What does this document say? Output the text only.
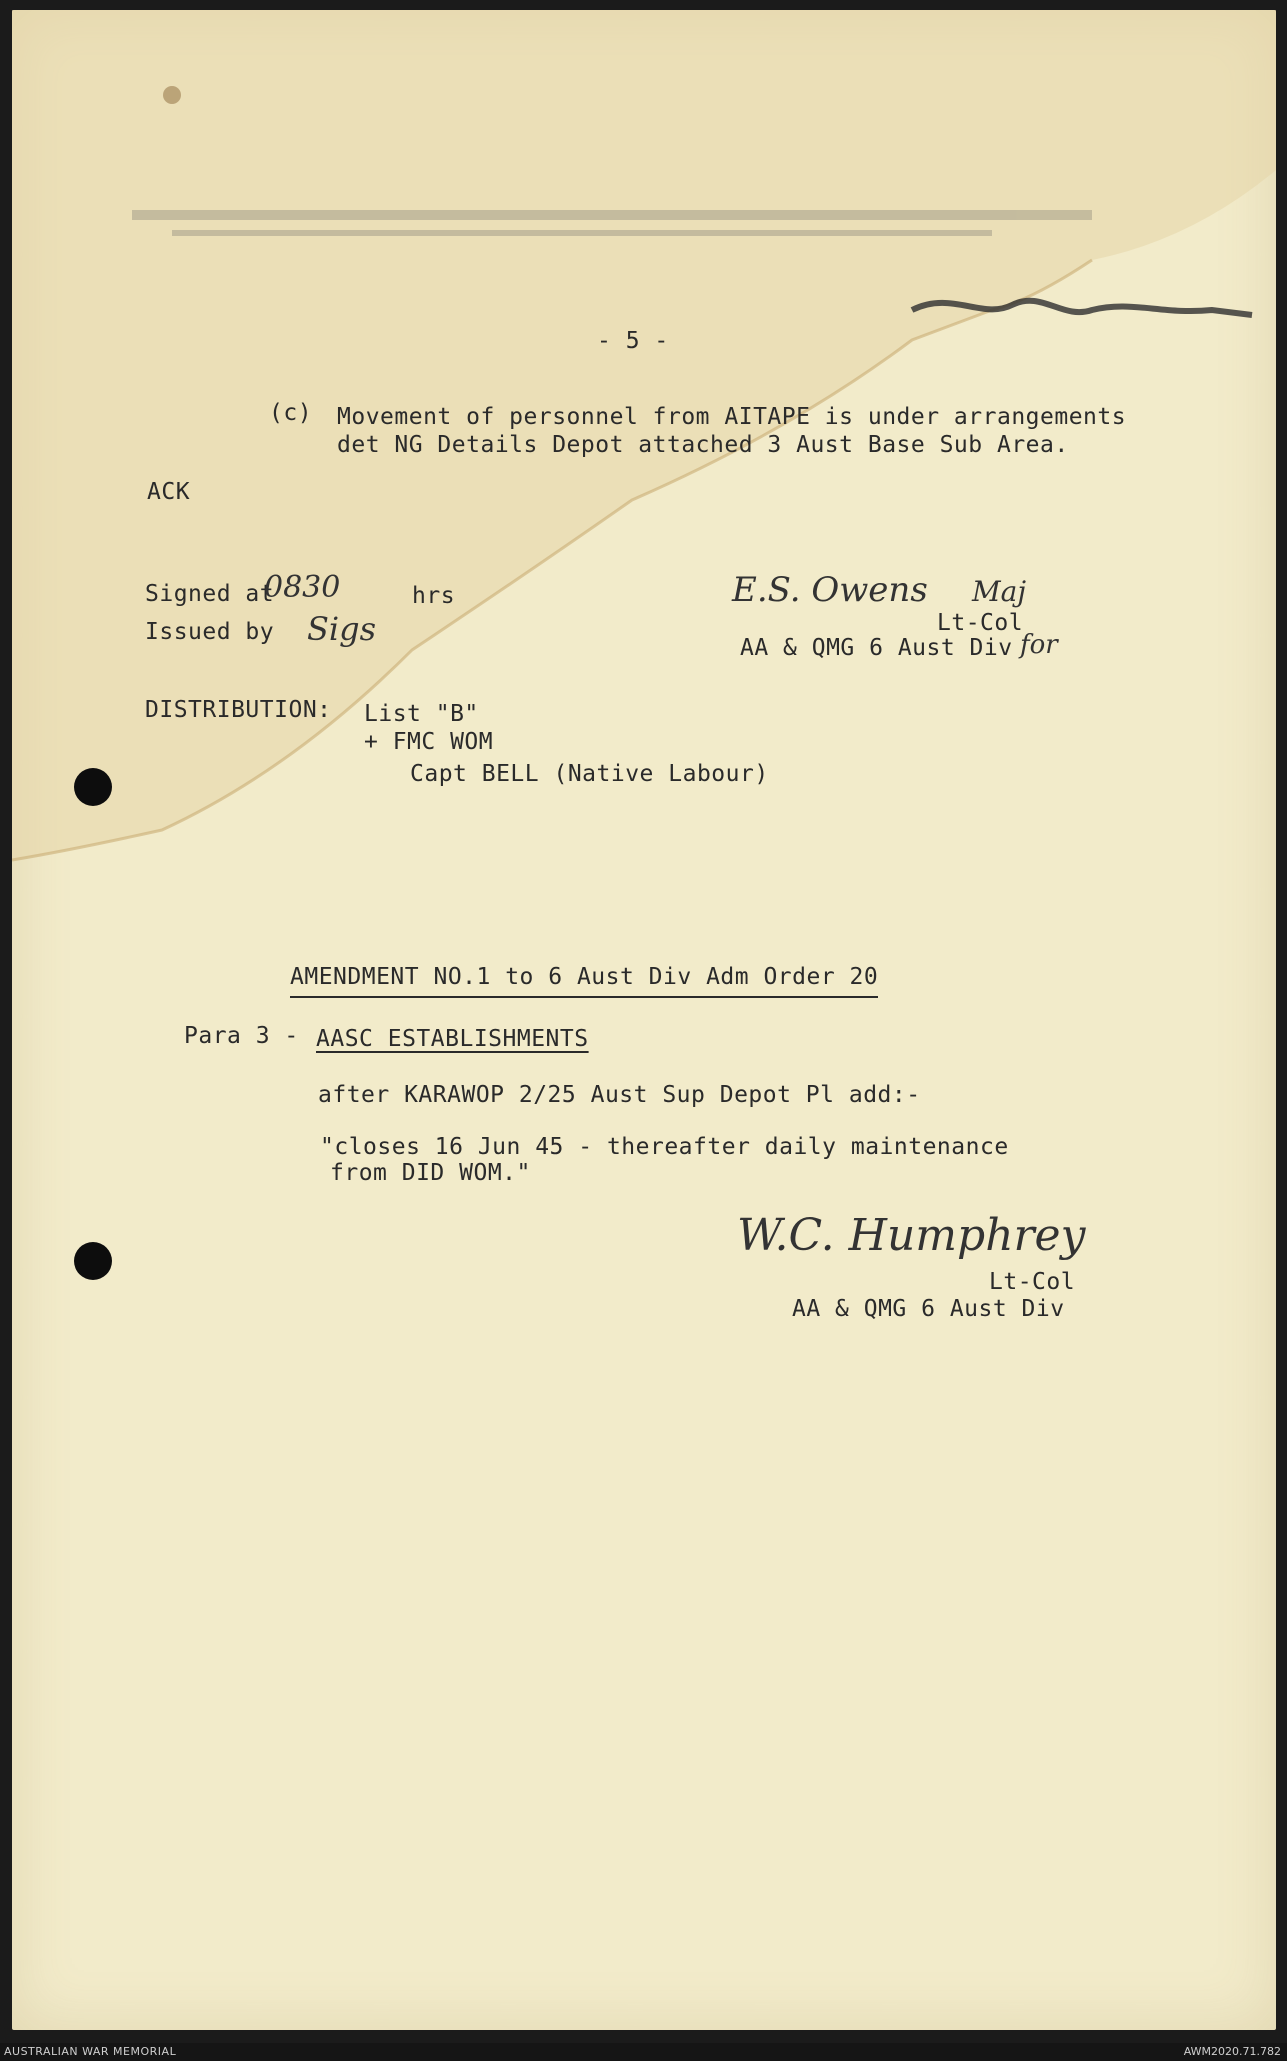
- 5 -
(c) Movement of personnel from AITAPE is under arrangements
det NG Details Depot attached 3 Aust Base Sub Area.
ACK
Signed at
0830	hrs
Issued by Sigs
E.S. Owens Maj
Lt-Col
AA & QMG 6 Aust Div for
DISTRIBUTION: List "B"
+ FMC WOM
Capt BELL (Native Labour)
AMENDMENT NO.1 to 6 Aust Div Adm Order 20
Para 3 - AASC ESTABLISHMENTS
after KARAWOP 2/25 Aust Sup Depot Pl add:-
"closes 16 Jun 45 - thereafter daily maintenance
from DID WOM."
W.C. Humphrey
Lt-Col
AA & QMG 6 Aust Div
AUSTRALIAN WAR MEMORIAL	AWM2020.71.782
